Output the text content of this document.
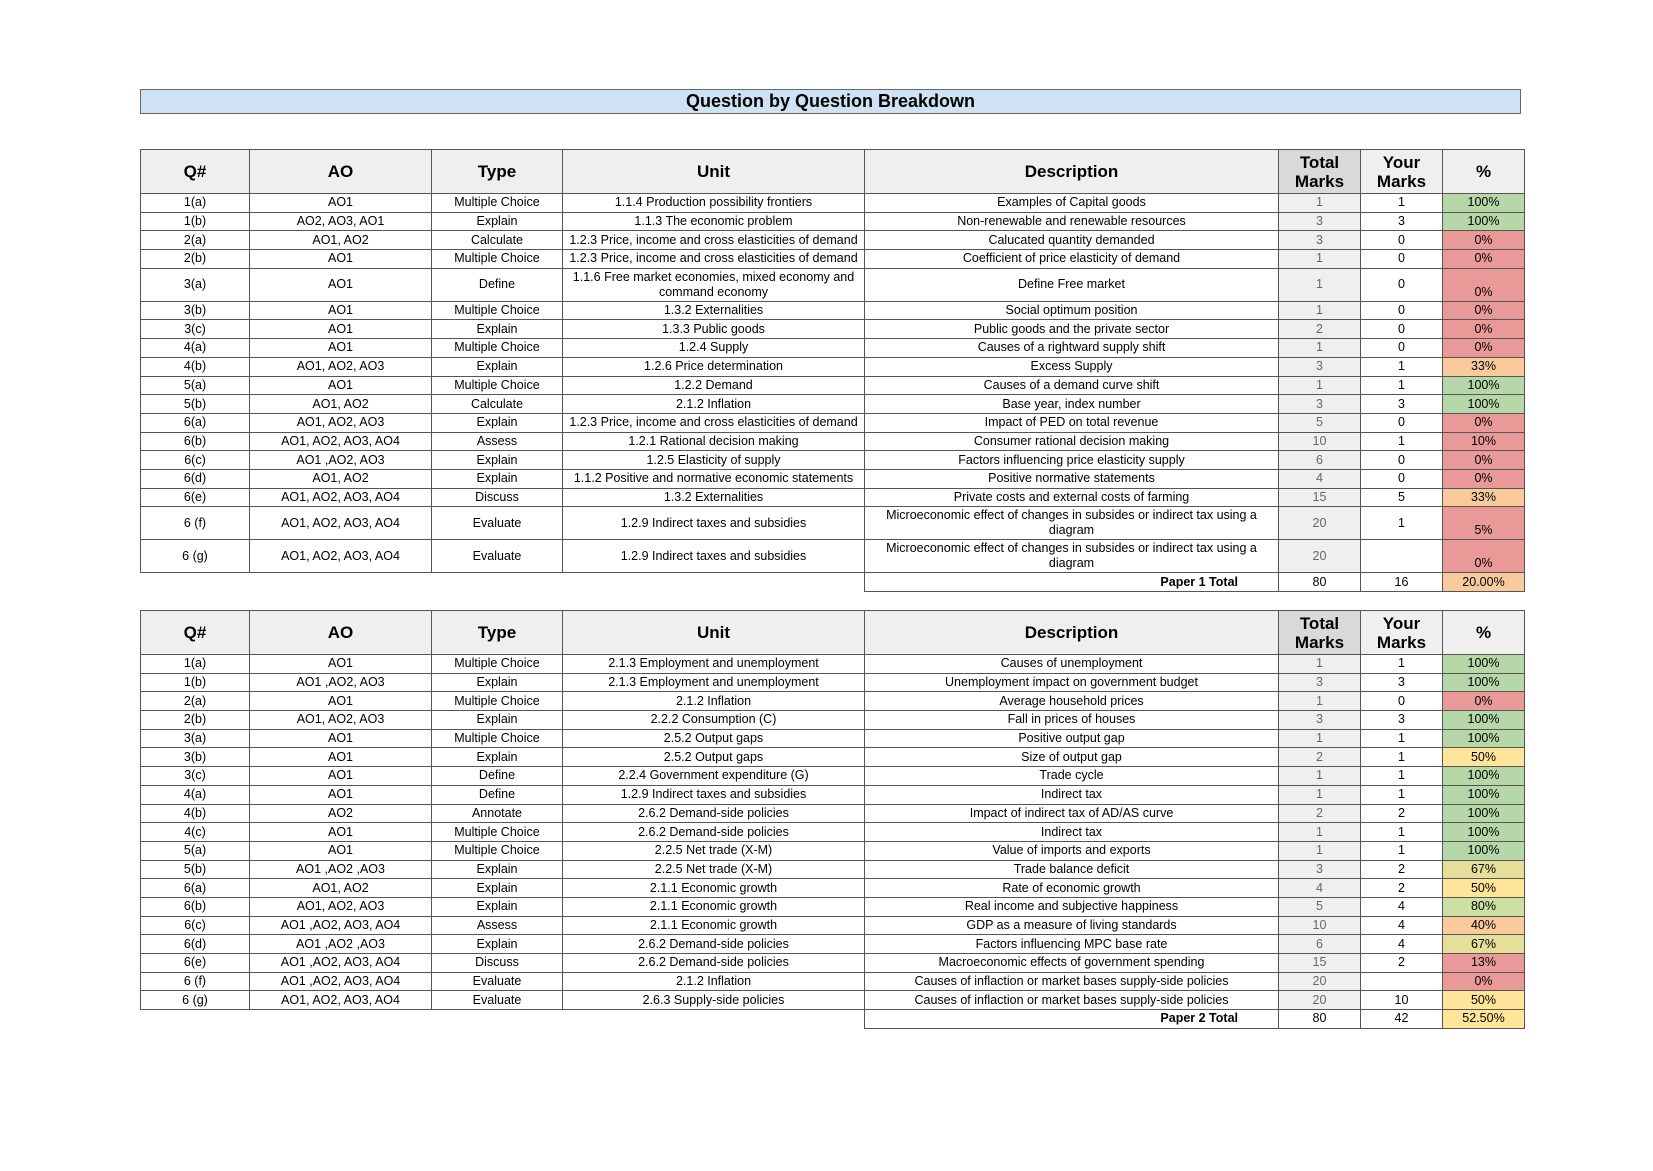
Question by Question Breakdown
Q#	AO	Type	Unit	Description	Total Marks	Your Marks	%
1(a)	AO1	Multiple Choice	1.1.4 Production possibility frontiers	Examples of Capital goods	1	1	100%
1(b)	AO2, AO3, AO1	Explain	1.1.3 The economic problem	Non-renewable and renewable resources	3	3	100%
2(a)	AO1, AO2	Calculate	1.2.3 Price, income and cross elasticities of demand	Calucated quantity demanded	3	0	0%
2(b)	AO1	Multiple Choice	1.2.3 Price, income and cross elasticities of demand	Coefficient of price elasticity of demand	1	0	0%
3(a)	AO1	Define	1.1.6 Free market economies, mixed economy and command economy	Define Free market	1	0	0%
3(b)	AO1	Multiple Choice	1.3.2 Externalities	Social optimum position	1	0	0%
3(c)	AO1	Explain	1.3.3 Public goods	Public goods and the private sector	2	0	0%
4(a)	AO1	Multiple Choice	1.2.4 Supply	Causes of a rightward supply shift	1	0	0%
4(b)	AO1, AO2, AO3	Explain	1.2.6 Price determination	Excess Supply	3	1	33%
5(a)	AO1	Multiple Choice	1.2.2 Demand	Causes of a demand curve shift	1	1	100%
5(b)	AO1, AO2	Calculate	2.1.2 Inflation	Base year, index number	3	3	100%
6(a)	AO1, AO2, AO3	Explain	1.2.3 Price, income and cross elasticities of demand	Impact of PED on total revenue	5	0	0%
6(b)	AO1, AO2, AO3, AO4	Assess	1.2.1 Rational decision making	Consumer rational decision making	10	1	10%
6(c)	AO1 ,AO2, AO3	Explain	1.2.5 Elasticity of supply	Factors influencing price elasticity supply	6	0	0%
6(d)	AO1, AO2	Explain	1.1.2 Positive and normative economic statements	Positive normative statements	4	0	0%
6(e)	AO1, AO2, AO3, AO4	Discuss	1.3.2 Externalities	Private costs and external costs of farming	15	5	33%
6 (f)	AO1, AO2, AO3, AO4	Evaluate	1.2.9 Indirect taxes and subsidies	Microeconomic effect of changes in subsides or indirect tax using a diagram	20	1	5%
6 (g)	AO1, AO2, AO3, AO4	Evaluate	1.2.9 Indirect taxes and subsidies	Microeconomic effect of changes in subsides or indirect tax using a diagram	20		0%
				Paper 1 Total	80	16	20.00%
Q#	AO	Type	Unit	Description	Total Marks	Your Marks	%
1(a)	AO1	Multiple Choice	2.1.3 Employment and unemployment	Causes of unemployment	1	1	100%
1(b)	AO1 ,AO2, AO3	Explain	2.1.3 Employment and unemployment	Unemployment impact on government budget	3	3	100%
2(a)	AO1	Multiple Choice	2.1.2 Inflation	Average household prices	1	0	0%
2(b)	AO1, AO2, AO3	Explain	2.2.2 Consumption (C)	Fall in prices of houses	3	3	100%
3(a)	AO1	Multiple Choice	2.5.2 Output gaps	Positive output gap	1	1	100%
3(b)	AO1	Explain	2.5.2 Output gaps	Size of output gap	2	1	50%
3(c)	AO1	Define	2.2.4 Government expenditure (G)	Trade cycle	1	1	100%
4(a)	AO1	Define	1.2.9 Indirect taxes and subsidies	Indirect tax	1	1	100%
4(b)	AO2	Annotate	2.6.2 Demand-side policies	Impact of indirect tax of AD/AS curve	2	2	100%
4(c)	AO1	Multiple Choice	2.6.2 Demand-side policies	Indirect tax	1	1	100%
5(a)	AO1	Multiple Choice	2.2.5 Net trade (X-M)	Value of imports and exports	1	1	100%
5(b)	AO1 ,AO2 ,AO3	Explain	2.2.5 Net trade (X-M)	Trade balance deficit	3	2	67%
6(a)	AO1, AO2	Explain	2.1.1 Economic growth	Rate of economic growth	4	2	50%
6(b)	AO1, AO2, AO3	Explain	2.1.1 Economic growth	Real income and subjective happiness	5	4	80%
6(c)	AO1 ,AO2, AO3, AO4	Assess	2.1.1 Economic growth	GDP as a measure of living standards	10	4	40%
6(d)	AO1 ,AO2 ,AO3	Explain	2.6.2 Demand-side policies	Factors influencing MPC base rate	6	4	67%
6(e)	AO1 ,AO2, AO3, AO4	Discuss	2.6.2 Demand-side policies	Macroeconomic effects of government spending	15	2	13%
6 (f)	AO1 ,AO2, AO3, AO4	Evaluate	2.1.2 Inflation	Causes of inflaction or market bases supply-side policies	20		0%
6 (g)	AO1, AO2, AO3, AO4	Evaluate	2.6.3 Supply-side policies	Causes of inflaction or market bases supply-side policies	20	10	50%
				Paper 2 Total	80	42	52.50%
